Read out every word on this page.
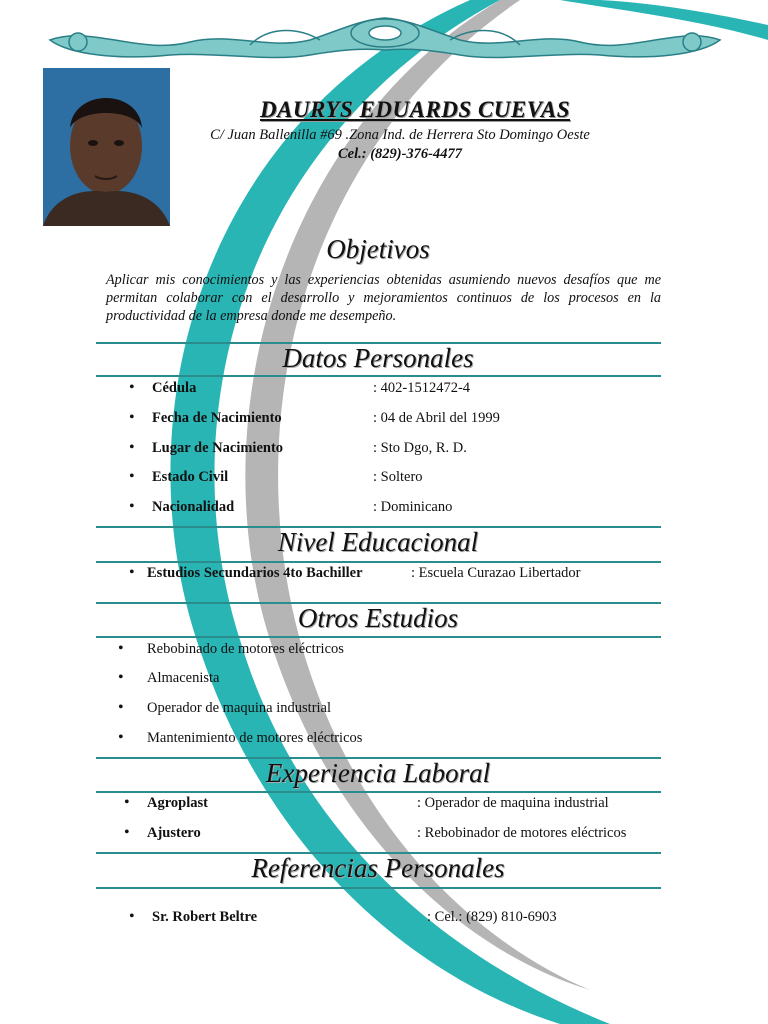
DAURYS EDUARDS CUEVAS
C/ Juan Ballenilla #69 .Zona Ind. de Herrera Sto Domingo Oeste
Cel.: (829)-376-4477
Objetivos
Aplicar mis conocimientos y las experiencias obtenidas asumiendo nuevos desafíos que me permitan colaborar con el desarrollo y mejoramientos continuos de los procesos en la productividad de la empresa donde me desempeño.
Datos Personales
• Cédula	: 402-1512472-4
• Fecha de Nacimiento	: 04 de Abril del 1999
• Lugar de Nacimiento	: Sto Dgo, R. D.
• Estado Civil	: Soltero
• Nacionalidad	: Dominicano
Nivel Educacional
• Estudios Secundarios 4to Bachiller	: Escuela Curazao Libertador
Otros Estudios
• Rebobinado de motores eléctricos
• Almacenista
• Operador de maquina industrial
• Mantenimiento de motores eléctricos
Experiencia Laboral
• Agroplast	: Operador de maquina industrial
• Ajustero	: Rebobinador de motores eléctricos
Referencias Personales
• Sr. Robert Beltre	: Cel.: (829) 810-6903
